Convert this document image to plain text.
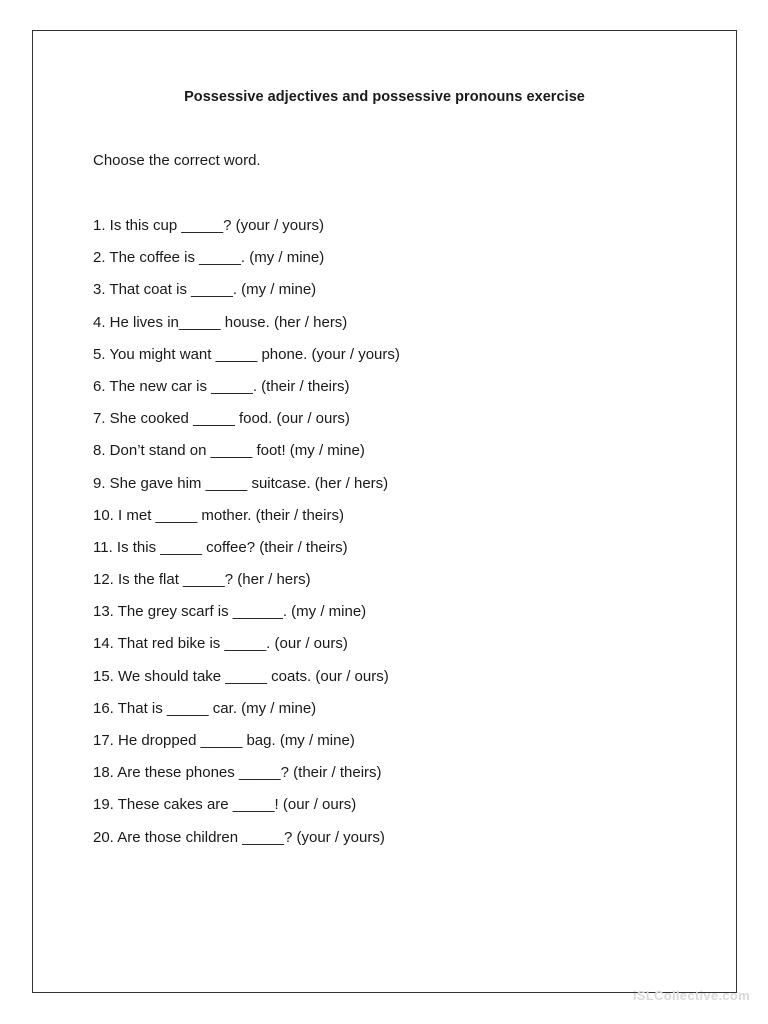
Possessive adjectives and possessive pronouns exercise
Choose the correct word.
1. Is this cup _____? (your / yours)
2. The coffee is _____. (my / mine)
3. That coat is _____. (my / mine)
4. He lives in_____ house. (her / hers)
5. You might want _____ phone. (your / yours)
6. The new car is _____. (their / theirs)
7. She cooked _____ food. (our / ours)
8. Don’t stand on _____ foot! (my / mine)
9. She gave him _____ suitcase. (her / hers)
10. I met _____ mother. (their / theirs)
11. Is this _____ coffee? (their / theirs)
12. Is the flat _____? (her / hers)
13. The grey scarf is ______. (my / mine)
14. That red bike is _____. (our / ours)
15. We should take _____ coats. (our / ours)
16. That is _____ car. (my / mine)
17. He dropped _____ bag. (my / mine)
18. Are these phones _____? (their / theirs)
19. These cakes are _____! (our / ours)
20. Are those children _____? (your / yours)
iSLCollective.com
